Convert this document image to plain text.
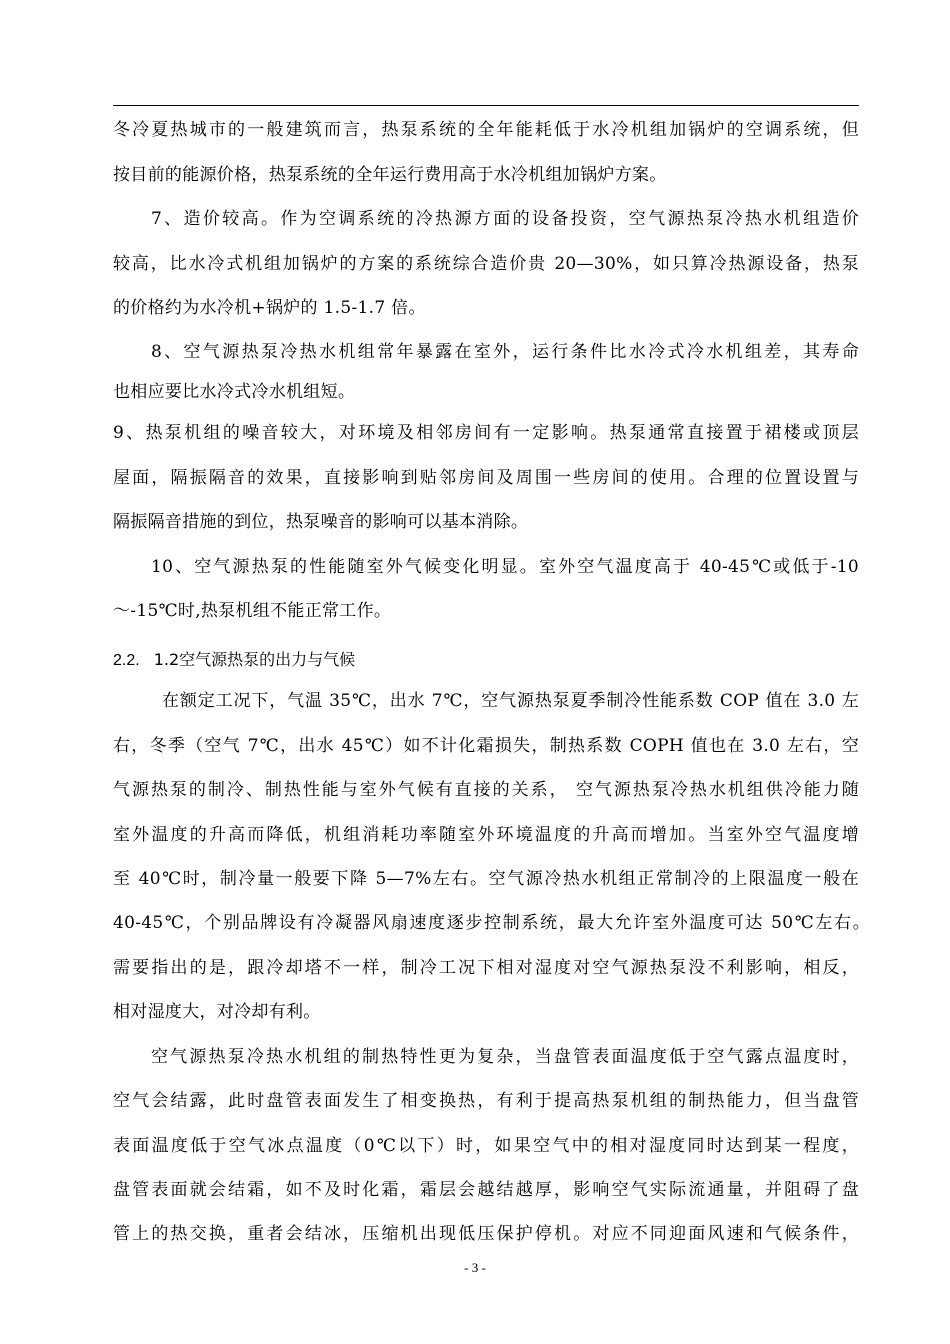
冬冷夏热城市的一般建筑而言，热泵系统的全年能耗低于水冷机组加锅炉的空调系统，但
按目前的能源价格，热泵系统的全年运行费用高于水冷机组加锅炉方案。
7、造价较高。作为空调系统的冷热源方面的设备投资，空气源热泵冷热水机组造价
较高，比水冷式机组加锅炉的方案的系统综合造价贵 20—30%，如只算冷热源设备，热泵
的价格约为水冷机+锅炉的 1.5-1.7 倍。
8、空气源热泵冷热水机组常年暴露在室外，运行条件比水冷式冷水机组差，其寿命
也相应要比水冷式冷水机组短。
9、热泵机组的噪音较大，对环境及相邻房间有一定影响。热泵通常直接置于裙楼或顶层
屋面，隔振隔音的效果，直接影响到贴邻房间及周围一些房间的使用。合理的位置设置与
隔振隔音措施的到位，热泵噪音的影响可以基本消除。
10、空气源热泵的性能随室外气候变化明显。室外空气温度高于 40-45℃或低于-10
～-15℃时,热泵机组不能正常工作。
2.2. 1.2空气源热泵的出力与气候
在额定工况下，气温 35℃，出水 7℃，空气源热泵夏季制冷性能系数 COP 值在 3.0 左
右，冬季（空气 7℃，出水 45℃）如不计化霜损失，制热系数 COPH 值也在 3.0 左右，空
气源热泵的制冷、制热性能与室外气候有直接的关系， 空气源热泵冷热水机组供冷能力随
室外温度的升高而降低，机组消耗功率随室外环境温度的升高而增加。当室外空气温度增
至 40℃时，制冷量一般要下降 5—7%左右。空气源冷热水机组正常制冷的上限温度一般在
40-45℃，个别品牌设有冷凝器风扇速度逐步控制系统，最大允许室外温度可达 50℃左右。
需要指出的是，跟冷却塔不一样，制冷工况下相对湿度对空气源热泵没不利影响，相反，
相对湿度大，对冷却有利。
空气源热泵冷热水机组的制热特性更为复杂，当盘管表面温度低于空气露点温度时，
空气会结露，此时盘管表面发生了相变换热，有利于提高热泵机组的制热能力，但当盘管
表面温度低于空气冰点温度（0℃以下）时，如果空气中的相对湿度同时达到某一程度，
盘管表面就会结霜，如不及时化霜，霜层会越结越厚，影响空气实际流通量，并阻碍了盘
管上的热交换，重者会结冰，压缩机出现低压保护停机。对应不同迎面风速和气候条件，
- 3 -
